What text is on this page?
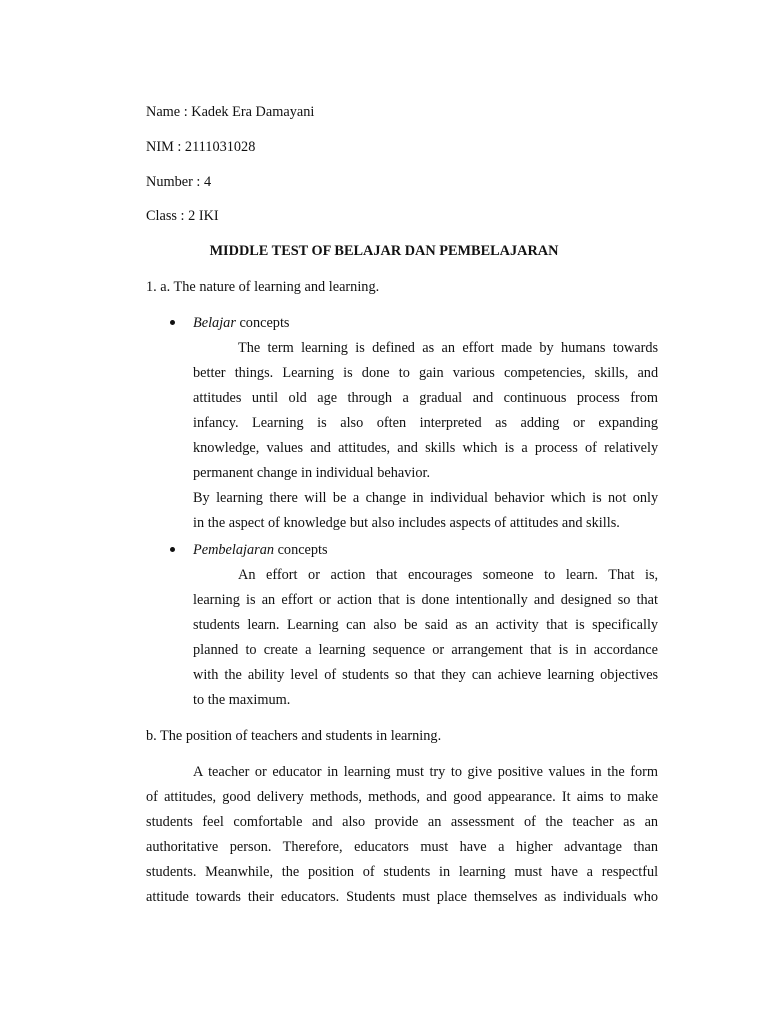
Name : Kadek Era Damayani
NIM : 2111031028
Number : 4
Class : 2 IKI
MIDDLE TEST OF BELAJAR DAN PEMBELAJARAN
1. a. The nature of learning and learning.
Belajar concepts
The term learning is defined as an effort made by humans towards
better things. Learning is done to gain various competencies, skills, and
attitudes until old age through a gradual and continuous process from
infancy. Learning is also often interpreted as adding or expanding
knowledge, values and attitudes, and skills which is a process of relatively
permanent change in individual behavior.
By learning there will be a change in individual behavior which is not only
in the aspect of knowledge but also includes aspects of attitudes and skills.
Pembelajaran concepts
An effort or action that encourages someone to learn. That is,
learning is an effort or action that is done intentionally and designed so that
students learn. Learning can also be said as an activity that is specifically
planned to create a learning sequence or arrangement that is in accordance
with the ability level of students so that they can achieve learning objectives
to the maximum.
b. The position of teachers and students in learning.
A teacher or educator in learning must try to give positive values in the form
of attitudes, good delivery methods, methods, and good appearance. It aims to make
students feel comfortable and also provide an assessment of the teacher as an
authoritative person. Therefore, educators must have a higher advantage than
students. Meanwhile, the position of students in learning must have a respectful
attitude towards their educators. Students must place themselves as individuals who
